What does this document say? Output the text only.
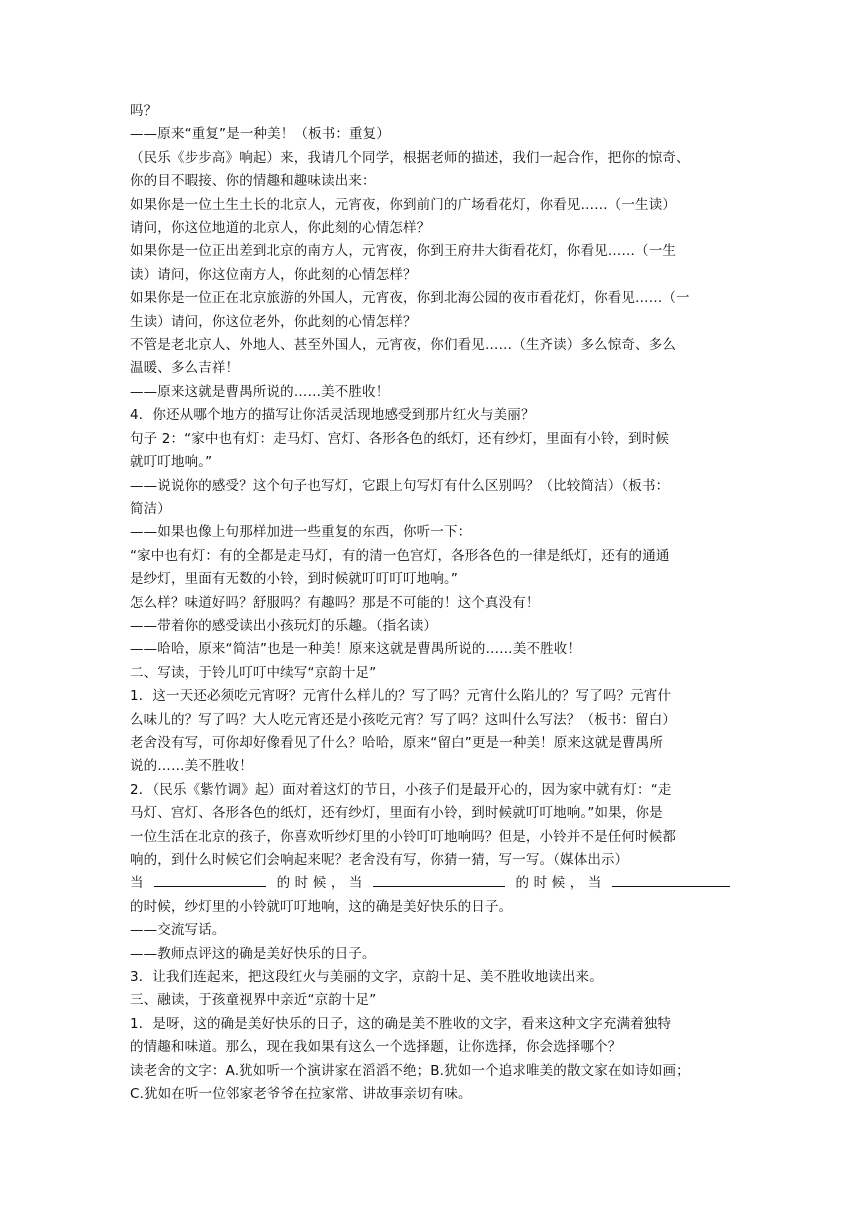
吗？
——原来“重复”是一种美！（板书：重复）
（民乐《步步高》响起）来，我请几个同学，根据老师的描述，我们一起合作，把你的惊奇、
你的目不暇接、你的情趣和趣味读出来：
如果你是一位土生土长的北京人，元宵夜，你到前门的广场看花灯，你看见……（一生读）
请问，你这位地道的北京人，你此刻的心情怎样？
如果你是一位正出差到北京的南方人，元宵夜，你到王府井大街看花灯，你看见……（一生
读）请问，你这位南方人，你此刻的心情怎样？
如果你是一位正在北京旅游的外国人，元宵夜，你到北海公园的夜市看花灯，你看见……（一
生读）请问，你这位老外，你此刻的心情怎样？
不管是老北京人、外地人、甚至外国人，元宵夜，你们看见……（生齐读）多么惊奇、多么
温暖、多么吉祥！
——原来这就是曹禺所说的……美不胜收！
4．你还从哪个地方的描写让你活灵活现地感受到那片红火与美丽？
句子 2：“家中也有灯：走马灯、宫灯、各形各色的纸灯，还有纱灯，里面有小铃，到时候
就叮叮地响。”
——说说你的感受？这个句子也写灯，它跟上句写灯有什么区别吗？（比较简洁）（板书：
简洁）
——如果也像上句那样加进一些重复的东西，你听一下：
“家中也有灯：有的全都是走马灯，有的清一色宫灯，各形各色的一律是纸灯，还有的通通
是纱灯，里面有无数的小铃，到时候就叮叮叮叮地响。”
怎么样？味道好吗？舒服吗？有趣吗？那是不可能的！这个真没有！
——带着你的感受读出小孩玩灯的乐趣。（指名读）
——哈哈，原来“简洁”也是一种美！原来这就是曹禺所说的……美不胜收！
二、写读，于铃儿叮叮中续写“京韵十足”
1．这一天还必须吃元宵呀？元宵什么样儿的？写了吗？元宵什么陷儿的？写了吗？元宵什
么味儿的？写了吗？大人吃元宵还是小孩吃元宵？写了吗？这叫什么写法？（板书：留白）
老舍没有写，可你却好像看见了什么？哈哈，原来“留白”更是一种美！原来这就是曹禺所
说的……美不胜收！
2．（民乐《紫竹调》起）面对着这灯的节日，小孩子们是最开心的，因为家中就有灯：“走
马灯、宫灯、各形各色的纸灯，还有纱灯，里面有小铃，到时候就叮叮地响。”如果，你是
一位生活在北京的孩子，你喜欢听纱灯里的小铃叮叮地响吗？但是，小铃并不是任何时候都
响的，到什么时候它们会响起来呢？老舍没有写，你猜一猜，写一写。（媒体出示）
当	的 时 候 ， 当	的 时 候 ， 当
的时候，纱灯里的小铃就叮叮地响，这的确是美好快乐的日子。
——交流写话。
——教师点评这的确是美好快乐的日子。
3．让我们连起来，把这段红火与美丽的文字，京韵十足、美不胜收地读出来。
三、融读，于孩童视界中亲近“京韵十足”
1．是呀，这的确是美好快乐的日子，这的确是美不胜收的文字，看来这种文字充满着独特
的情趣和味道。那么，现在我如果有这么一个选择题，让你选择，你会选择哪个？
读老舍的文字：A.犹如听一个演讲家在滔滔不绝；B.犹如一个追求唯美的散文家在如诗如画；
C.犹如在听一位邻家老爷爷在拉家常、讲故事亲切有味。
